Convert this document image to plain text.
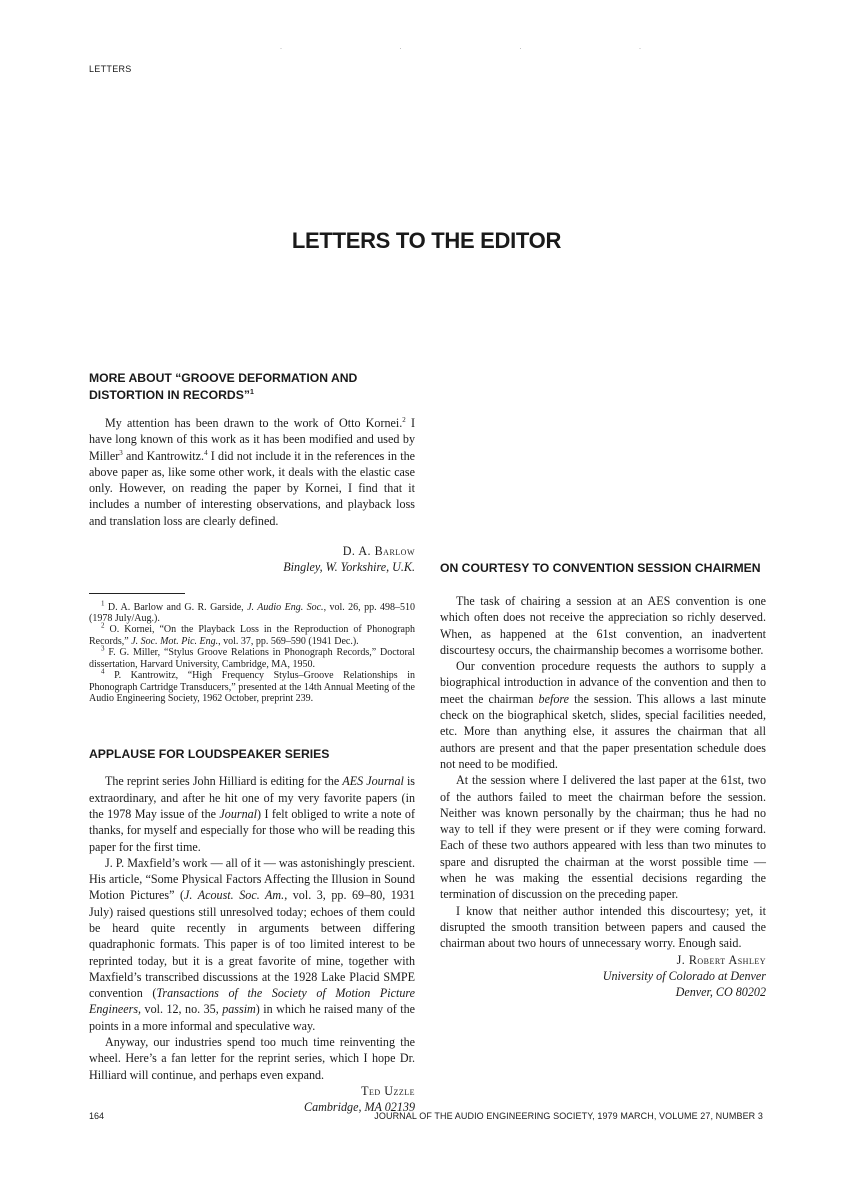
· · · ·
LETTERS
LETTERS TO THE EDITOR
MORE ABOUT “GROOVE DEFORMATION AND DISTORTION IN RECORDS”$^1$

My attention has been drawn to the work of Otto Kornei.$^2$ I have long known of this work as it has been modified and used by Miller$^3$ and Kantrowitz.$^4$ I did not include it in the references in the above paper as, like some other work, it deals with the elastic case only. However, on reading the paper by Kornei, I find that it includes a number of interesting observations, and playback loss and translation loss are clearly defined.

D. A. Barlow

Bingley, W. Yorkshire, U.K.

$^1$ D. A. Barlow and G. R. Garside, J. Audio Eng. Soc., vol. 26, pp. 498–510 (1978 July/Aug.).

$^2$ O. Kornei, “On the Playback Loss in the Reproduction of Phonograph Records,” J. Soc. Mot. Pic. Eng., vol. 37, pp. 569–590 (1941 Dec.).

$^3$ F. G. Miller, “Stylus Groove Relations in Phonograph Records,” Doctoral dissertation, Harvard University, Cambridge, MA, 1950.

$^4$ P. Kantrowitz, “High Frequency Stylus–Groove Relationships in Phonograph Cartridge Transducers,” presented at the 14th Annual Meeting of the Audio Engineering Society, 1962 October, preprint 239.

APPLAUSE FOR LOUDSPEAKER SERIES

The reprint series John Hilliard is editing for the AES Journal is extraordinary, and after he hit one of my very favorite papers (in the 1978 May issue of the Journal) I felt obliged to write a note of thanks, for myself and especially for those who will be reading this paper for the first time.

J. P. Maxfield’s work — all of it — was astonishingly prescient. His article, “Some Physical Factors Affecting the Illusion in Sound Motion Pictures” (J. Acoust. Soc. Am., vol. 3, pp. 69–80, 1931 July) raised questions still unresolved today; echoes of them could be heard quite recently in arguments between differing quadraphonic formats. This paper is of too limited interest to be reprinted today, but it is a great favorite of mine, together with Maxfield’s transcribed discussions at the 1928 Lake Placid SMPE convention (Transactions of the Society of Motion Picture Engineers, vol. 12, no. 35, passim) in which he raised many of the points in a more informal and speculative way.

Anyway, our industries spend too much time reinventing the wheel. Here’s a fan letter for the reprint series, which I hope Dr. Hilliard will continue, and perhaps even expand.

Ted Uzzle

Cambridge, MA 02139

ON COURTESY TO CONVENTION SESSION CHAIRMEN

The task of chairing a session at an AES convention is one which often does not receive the appreciation so richly deserved. When, as happened at the 61st convention, an inadvertent discourtesy occurs, the chairmanship becomes a worrisome bother.

Our convention procedure requests the authors to supply a biographical introduction in advance of the convention and then to meet the chairman before the session. This allows a last minute check on the biographical sketch, slides, special facilities needed, etc. More than anything else, it assures the chairman that all authors are present and that the paper presentation schedule does not need to be modified.

At the session where I delivered the last paper at the 61st, two of the authors failed to meet the chairman before the session. Neither was known personally by the chairman; thus he had no way to tell if they were present or if they were coming forward. Each of these two authors appeared with less than two minutes to spare and disrupted the chairman at the worst possible time — when he was making the essential decisions regarding the termination of discussion on the preceding paper.

I know that neither author intended this discourtesy; yet, it disrupted the smooth transition between papers and caused the chairman about two hours of unnecessary worry. Enough said.

J. Robert Ashley

University of Colorado at Denver

Denver, CO 80202

164	JOURNAL OF THE AUDIO ENGINEERING SOCIETY, 1979 MARCH, VOLUME 27, NUMBER 3
